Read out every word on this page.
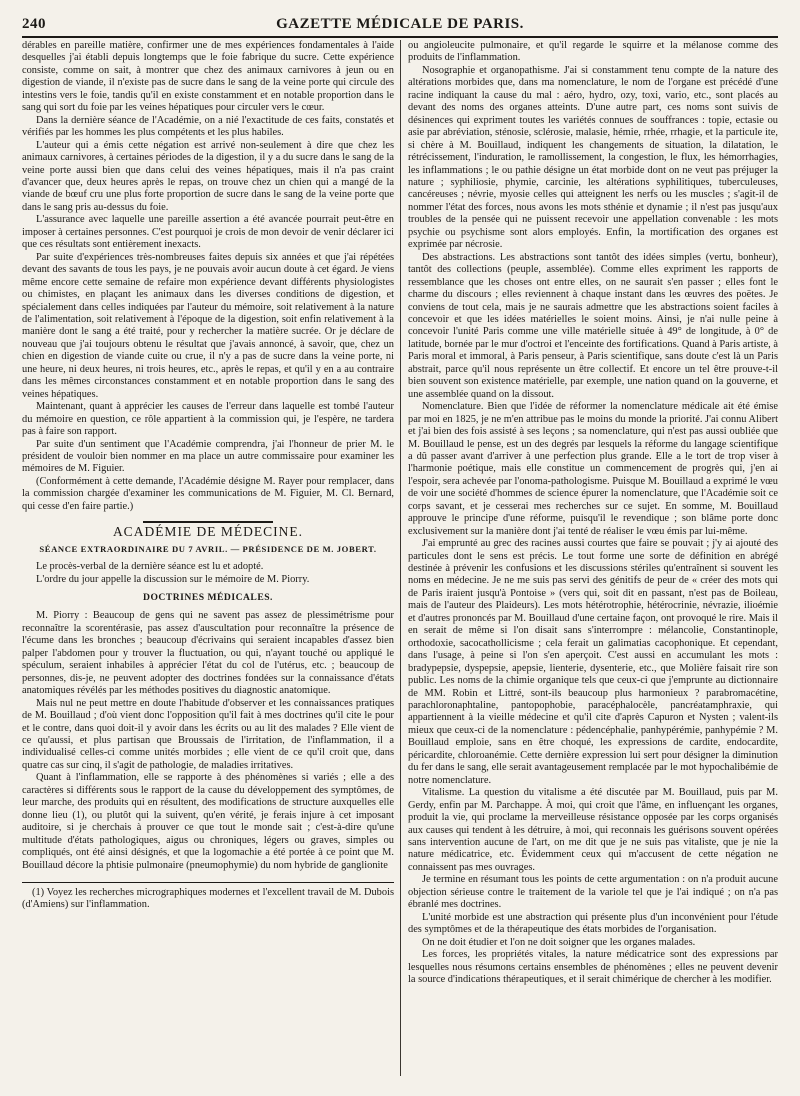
240	GAZETTE MÉDICALE DE PARIS.

dérables en pareille matière, confirmer une de mes expériences fondamentales à l'aide desquelles j'ai établi depuis longtemps que le foie fabrique du sucre. Cette expérience consiste, comme on sait, à montrer que chez des animaux carnivores à jeun ou en digestion de viande, il n'existe pas de sucre dans le sang de la veine porte qui circule des intestins vers le foie, tandis qu'il en existe constamment et en notable proportion dans le sang qui sort du foie par les veines hépatiques pour circuler vers le cœur.

Dans la dernière séance de l'Académie, on a nié l'exactitude de ces faits, constatés et vérifiés par les hommes les plus compétents et les plus habiles.

L'auteur qui a émis cette négation est arrivé non-seulement à dire que chez les animaux carnivores, à certaines périodes de la digestion, il y a du sucre dans le sang de la veine porte aussi bien que dans celui des veines hépatiques, mais il n'a pas craint d'avancer que, deux heures après le repas, on trouve chez un chien qui a mangé de la viande de bœuf cru une plus forte proportion de sucre dans le sang de la veine porte que dans le sang pris au-dessus du foie.

L'assurance avec laquelle une pareille assertion a été avancée pourrait peut-être en imposer à certaines personnes. C'est pourquoi je crois de mon devoir de venir déclarer ici que ces résultats sont entièrement inexacts.

Par suite d'expériences très-nombreuses faites depuis six années et que j'ai répétées devant des savants de tous les pays, je ne pouvais avoir aucun doute à cet égard. Je viens même encore cette semaine de refaire mon expérience devant différents physiologistes ou chimistes, en plaçant les animaux dans les diverses conditions de digestion, et spécialement dans celles indiquées par l'auteur du mémoire, soit relativement à la nature de l'alimentation, soit relativement à l'époque de la digestion, soit enfin relativement à la manière dont le sang a été traité, pour y rechercher la matière sucrée. Or je déclare de nouveau que j'ai toujours obtenu le résultat que j'avais annoncé, à savoir, que, chez un chien en digestion de viande cuite ou crue, il n'y a pas de sucre dans la veine porte, ni une heure, ni deux heures, ni trois heures, etc., après le repas, et qu'il y en a au contraire dans les mêmes circonstances constamment et en notable proportion dans le sang des veines hépatiques.

Maintenant, quant à apprécier les causes de l'erreur dans laquelle est tombé l'auteur du mémoire en question, ce rôle appartient à la commission qui, je l'espère, ne tardera pas à faire son rapport.

Par suite d'un sentiment que l'Académie comprendra, j'ai l'honneur de prier M. le président de vouloir bien nommer en ma place un autre commissaire pour examiner les mémoires de M. Figuier.

(Conformément à cette demande, l'Académie désigne M. Rayer pour remplacer, dans la commission chargée d'examiner les communications de M. Figuier, M. Cl. Bernard, qui cesse d'en faire partie.)

ACADÉMIE DE MÉDECINE.
SÉANCE EXTRAORDINAIRE DU 7 AVRIL. — PRÉSIDENCE DE M. JOBERT.

Le procès-verbal de la dernière séance est lu et adopté.

L'ordre du jour appelle la discussion sur le mémoire de M. Piorry.

DOCTRINES MÉDICALES.

M. Piorry : Beaucoup de gens qui ne savent pas assez de plessimétrisme pour reconnaître la scorentérasie, pas assez d'auscultation pour reconnaître la présence de l'écume dans les bronches ; beaucoup d'écrivains qui seraient incapables d'assez bien palper l'abdomen pour y trouver la fluctuation, ou qui, n'ayant touché ou appliqué le spéculum, seraient inhabiles à apprécier l'état du col de l'utérus, etc. ; beaucoup de personnes, dis-je, ne peuvent adopter des doctrines fondées sur la connaissance d'états anatomiques révélés par les méthodes positives du diagnostic anatomique.

Mais nul ne peut mettre en doute l'habitude d'observer et les connaissances pratiques de M. Bouillaud ; d'où vient donc l'opposition qu'il fait à mes doctrines qu'il cite le pour et le contre, dans quoi doit-il y avoir dans les écrits ou au lit des malades ? Elle vient de ce qu'aussi, et plus partisan que Broussais de l'irritation, de l'inflammation, il a individualisé celles-ci comme unités morbides ; elle vient de ce qu'il croit que, dans quatre cas sur cinq, il s'agit de pathologie, de maladies irritatives.

Quant à l'inflammation, elle se rapporte à des phénomènes si variés ; elle a des caractères si différents sous le rapport de la cause du développement des symptômes, de leur marche, des produits qui en résultent, des modifications de structure auxquelles elle donne lieu (1), ou plutôt qui la suivent, qu'en vérité, je ferais injure à cet imposant auditoire, si je cherchais à prouver ce que tout le monde sait ; c'est-à-dire qu'une multitude d'états pathologiques, aigus ou chroniques, légers ou graves, simples ou compliqués, ont été ainsi désignés, et que la logomachie a été portée à ce point que M. Bouillaud décore la phtisie pulmonaire (pneumophymie) du nom hybride de ganglionite

(1) Voyez les recherches micrographiques modernes et l'excellent travail de M. Dubois (d'Amiens) sur l'inflammation.

ou angioleucite pulmonaire, et qu'il regarde le squirre et la mélanose comme des produits de l'inflammation.

Nosographie et organopathisme. J'ai si constamment tenu compte de la nature des altérations morbides que, dans ma nomenclature, le nom de l'organe est précédé d'une racine indiquant la cause du mal : aéro, hydro, ozy, toxi, vario, etc., sont placés au devant des noms des organes atteints. D'une autre part, ces noms sont suivis de désinences qui expriment toutes les variétés connues de souffrances : topie, ectasie ou asie par abréviation, sténosie, sclérosie, malasie, hémie, rrhée, rrhagie, et la particule ite, si chère à M. Bouillaud, indiquent les changements de situation, la dilatation, le rétrécissement, l'induration, le ramollissement, la congestion, le flux, les hémorrhagies, les inflammations ; le ou pathie désigne un état morbide dont on ne veut pas préjuger la nature ; syphiliosie, phymie, carcinie, les altérations syphilitiques, tuberculeuses, cancéreuses ; névrie, myosie celles qui atteignent les nerfs ou les muscles ; s'agit-il de nommer l'état des forces, nous avons les mots sthénie et dynamie ; il n'est pas jusqu'aux troubles de la pensée qui ne puissent recevoir une appellation convenable : les mots psychie ou psychisme sont alors employés. Enfin, la mortification des organes est exprimée par nécrosie.

Des abstractions. Les abstractions sont tantôt des idées simples (vertu, bonheur), tantôt des collections (peuple, assemblée). Comme elles expriment les rapports de ressemblance que les choses ont entre elles, on ne saurait s'en passer ; elles font le charme du discours ; elles reviennent à chaque instant dans les œuvres des poëtes. Je conviens de tout cela, mais je ne saurais admettre que les abstractions soient faciles à concevoir et que les idées matérielles le soient moins. Ainsi, je n'ai nulle peine à concevoir l'unité Paris comme une ville matérielle située à 49° de longitude, à 0° de latitude, bornée par le mur d'octroi et l'enceinte des fortifications. Quand à Paris artiste, à Paris moral et immoral, à Paris penseur, à Paris scientifique, sans doute c'est là un Paris abstrait, parce qu'il nous représente un être collectif. Et encore un tel être prouve-t-il bien souvent son existence matérielle, par exemple, une nation quand on la gouverne, et une assemblée quand on la dissout.

Nomenclature. Bien que l'idée de réformer la nomenclature médicale ait été émise par moi en 1825, je ne m'en attribue pas le moins du monde la priorité. J'ai connu Alibert et j'ai bien des fois assisté à ses leçons ; sa nomenclature, qui n'est pas aussi oubliée que M. Bouillaud le pense, est un des degrés par lesquels la réforme du langage scientifique a dû passer avant d'arriver à une perfection plus grande. Elle a le tort de trop viser à l'harmonie poétique, mais elle constitue un commencement de progrès qui, j'en ai l'espoir, sera achevée par l'onoma-pathologisme. Puisque M. Bouillaud a exprimé le vœu de voir une société d'hommes de science épurer la nomenclature, que l'Académie soit ce corps savant, et je cesserai mes recherches sur ce sujet. En somme, M. Bouillaud approuve le principe d'une réforme, puisqu'il le revendique ; son blâme porte donc exclusivement sur la manière dont j'ai tenté de réaliser le vœu émis par lui-même.

J'ai emprunté au grec des racines aussi courtes que faire se pouvait ; j'y ai ajouté des particules dont le sens est précis. Le tout forme une sorte de définition en abrégé destinée à prévenir les confusions et les discussions stériles qu'entraînent si souvent les noms en médecine. Je ne me suis pas servi des génitifs de peur de « créer des mots qui de Paris iraient jusqu'à Pontoise » (vers qui, soit dit en passant, n'est pas de Boileau, mais de l'auteur des Plaideurs). Les mots hétérotrophie, hétérocrinie, névrazie, ilioémie et d'autres prononcés par M. Bouillaud d'une certaine façon, ont provoqué le rire. Mais il en serait de même si l'on disait sans s'interrompre : mélancolie, Constantinople, orthodoxie, sacocathollicisme ; cela ferait un galimatias cacophonique. Et cependant, dans l'usage, à peine si l'on s'en aperçoit. C'est aussi en accumulant les mots : bradypepsie, dyspepsie, apepsie, lienterie, dysenterie, etc., que Molière faisait rire son public. Les noms de la chimie organique tels que ceux-ci que j'emprunte au dictionnaire de MM. Robin et Littré, sont-ils beaucoup plus harmonieux ? parabromacétine, parachloronaphtaline, pantopophobie, paracéphalocèle, pancréatamphraxie, qui appartiennent à la vieille médecine et qu'il cite d'après Capuron et Nysten ; valent-ils mieux que ceux-ci de la nomenclature : pédencéphalie, panhypérémie, panhypémie ? M. Bouillaud emploie, sans en être choqué, les expressions de cardite, endocardite, péricardite, chloroanémie. Cette dernière expression lui sert pour désigner la diminution du fer dans le sang, elle serait avantageusement remplacée par le mot hypochalibémie de notre nomenclature.

Vitalisme. La question du vitalisme a été discutée par M. Bouillaud, puis par M. Gerdy, enfin par M. Parchappe. À moi, qui croit que l'âme, en influençant les organes, produit la vie, qui proclame la merveilleuse résistance opposée par les corps organisés aux causes qui tendent à les détruire, à moi, qui reconnais les guérisons souvent opérées sans intervention aucune de l'art, on me dit que je ne suis pas vitaliste, que je nie la nature médicatrice, etc. Évidemment ceux qui m'accusent de cette négation ne connaissent pas mes ouvrages.

Je termine en résumant tous les points de cette argumentation : on n'a produit aucune objection sérieuse contre le traitement de la variole tel que je l'ai indiqué ; on n'a pas ébranlé mes doctrines.

L'unité morbide est une abstraction qui présente plus d'un inconvénient pour l'étude des symptômes et de la thérapeutique des états morbides de l'organisation.

On ne doit étudier et l'on ne doit soigner que les organes malades.

Les forces, les propriétés vitales, la nature médicatrice sont des expressions par lesquelles nous résumons certains ensembles de phénomènes ; elles ne peuvent devenir la source d'indications thérapeutiques, et il serait chimérique de chercher à les modifier.
